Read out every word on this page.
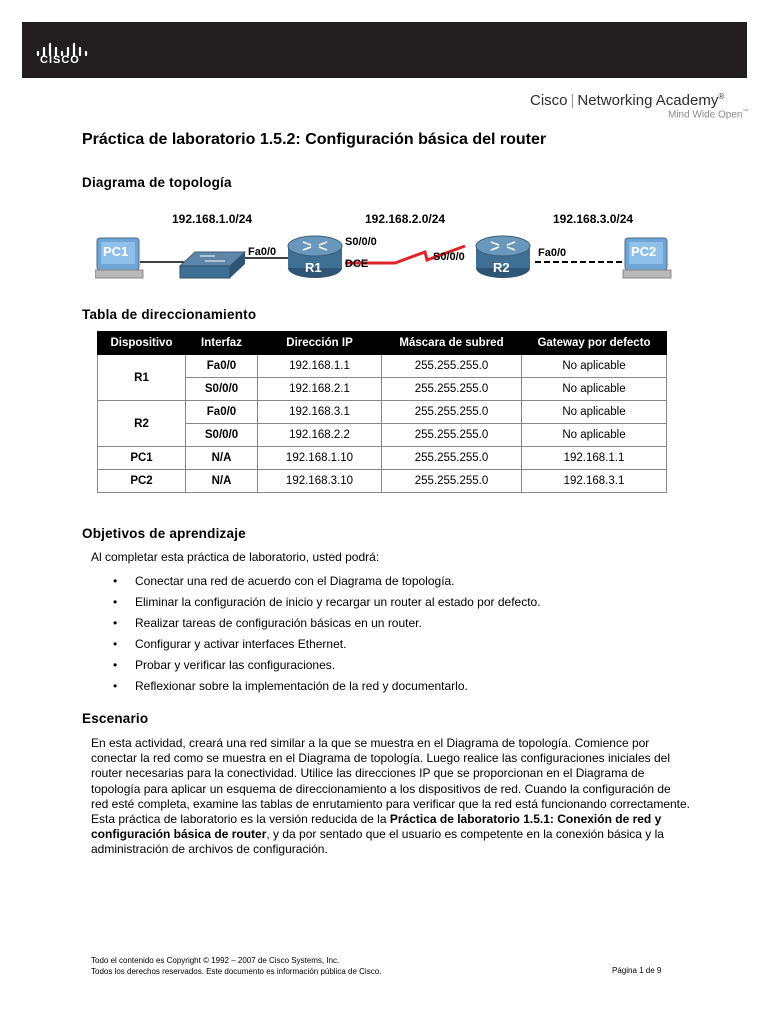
CISCO
Cisco | Networking Academy®
Mind Wide Open™
Práctica de laboratorio 1.5.2: Configuración básica del router
Diagrama de topología
192.168.1.0/24	192.168.2.0/24	192.168.3.0/24
PC1	Fa0/0
R1
S0/0/0
DCE
S0/0/0
R2
Fa0/0	PC2
Tabla de direccionamiento
Dispositivo	Interfaz	Dirección IP	Máscara de subred	Gateway por defecto
R1	Fa0/0	192.168.1.1	255.255.255.0	No aplicable
	S0/0/0	192.168.2.1	255.255.255.0	No aplicable
R2	Fa0/0	192.168.3.1	255.255.255.0	No aplicable
	S0/0/0	192.168.2.2	255.255.255.0	No aplicable
PC1	N/A	192.168.1.10	255.255.255.0	192.168.1.1
PC2	N/A	192.168.3.10	255.255.255.0	192.168.3.1
Objetivos de aprendizaje
Al completar esta práctica de laboratorio, usted podrá:
• Conectar una red de acuerdo con el Diagrama de topología.
• Eliminar la configuración de inicio y recargar un router al estado por defecto.
• Realizar tareas de configuración básicas en un router.
• Configurar y activar interfaces Ethernet.
• Probar y verificar las configuraciones.
• Reflexionar sobre la implementación de la red y documentarlo.
Escenario
En esta actividad, creará una red similar a la que se muestra en el Diagrama de topología. Comience por conectar la red como se muestra en el Diagrama de topología. Luego realice las configuraciones iniciales del router necesarias para la conectividad. Utilice las direcciones IP que se proporcionan en el Diagrama de topología para aplicar un esquema de direccionamiento a los dispositivos de red. Cuando la configuración de red esté completa, examine las tablas de enrutamiento para verificar que la red está funcionando correctamente. Esta práctica de laboratorio es la versión reducida de la Práctica de laboratorio 1.5.1: Conexión de red y configuración básica de router, y da por sentado que el usuario es competente en la conexión básica y la administración de archivos de configuración.
Todo el contenido es Copyright © 1992 – 2007 de Cisco Systems, Inc.
Todos los derechos reservados. Este documento es información pública de Cisco.	Página 1 de 9
